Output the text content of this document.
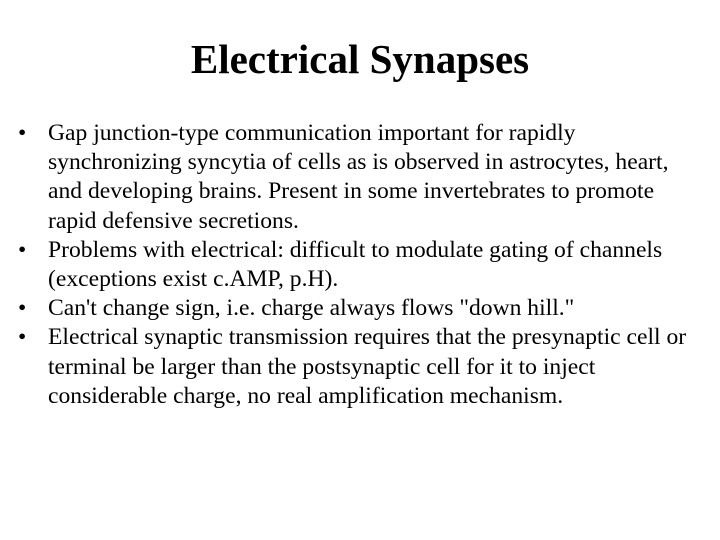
Electrical Synapses
• Gap junction-type communication important for rapidly synchronizing syncytia of cells as is observed in astrocytes, heart, and developing brains. Present in some invertebrates to promote rapid defensive secretions.
• Problems with electrical: difficult to modulate gating of channels (exceptions exist c.AMP, p.H).
• Can't change sign, i.e. charge always flows "down hill."
• Electrical synaptic transmission requires that the presynaptic cell or terminal be larger than the postsynaptic cell for it to inject considerable charge, no real amplification mechanism.
